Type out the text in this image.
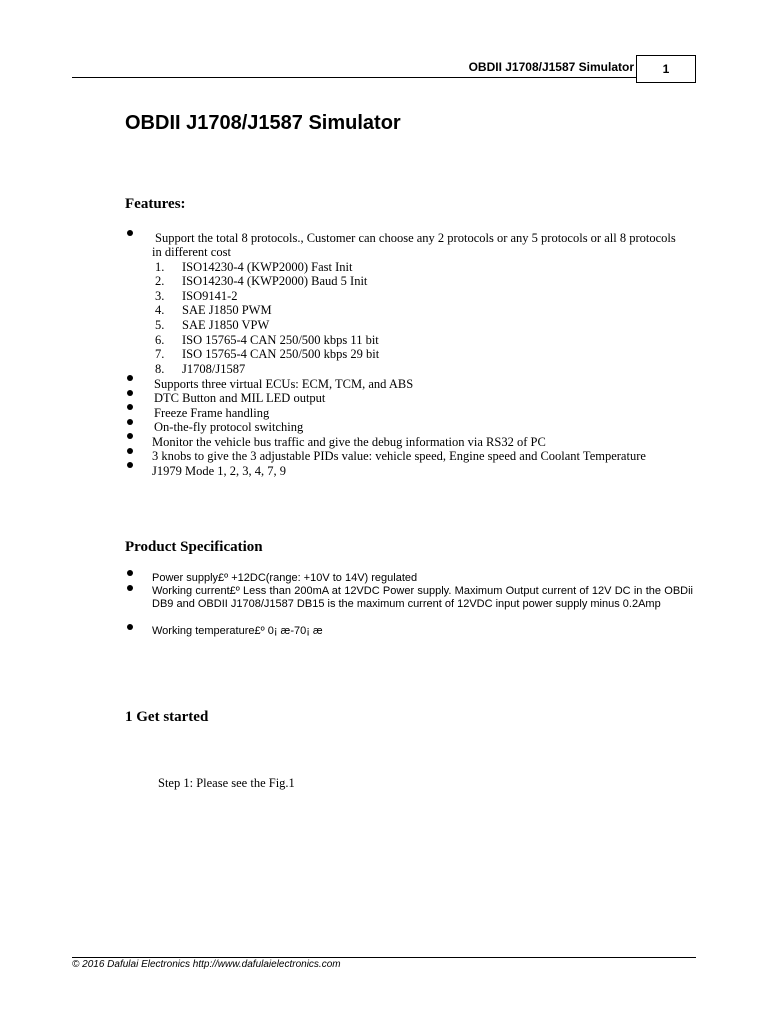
OBDII J1708/J1587 Simulator 1
OBDII J1708/J1587 Simulator
Features:
Support the total 8 protocols., Customer can choose any 2 protocols or any 5 protocols or all 8 protocols
in different cost
1.	ISO14230-4 (KWP2000) Fast Init
2.	ISO14230-4 (KWP2000) Baud 5 Init
3.	ISO9141-2
4.	SAE J1850 PWM
5.	SAE J1850 VPW
6.	ISO 15765-4 CAN 250/500 kbps 11 bit
7.	ISO 15765-4 CAN 250/500 kbps 29 bit
8.	J1708/J1587
Supports three virtual ECUs: ECM, TCM, and ABS
DTC Button and MIL LED output
Freeze Frame handling
On-the-fly protocol switching
Monitor the vehicle bus traffic and give the debug information via RS32 of PC
3 knobs to give the 3 adjustable PIDs value: vehicle speed, Engine speed and Coolant Temperature
J1979 Mode 1, 2, 3, 4, 7, 9
Product Specification
Power supply£º +12DC(range: +10V to 14V) regulated
Working current£º Less than 200mA at 12VDC Power supply. Maximum Output current of 12V DC in the OBDii DB9 and OBDII J1708/J1587 DB15 is the maximum current of 12VDC input power supply minus 0.2Amp
Working temperature£º 0¡ æ-70¡ æ
1 Get started
Step 1: Please see the Fig.1
© 2016 Dafulai Electronics http://www.dafulaielectronics.com
